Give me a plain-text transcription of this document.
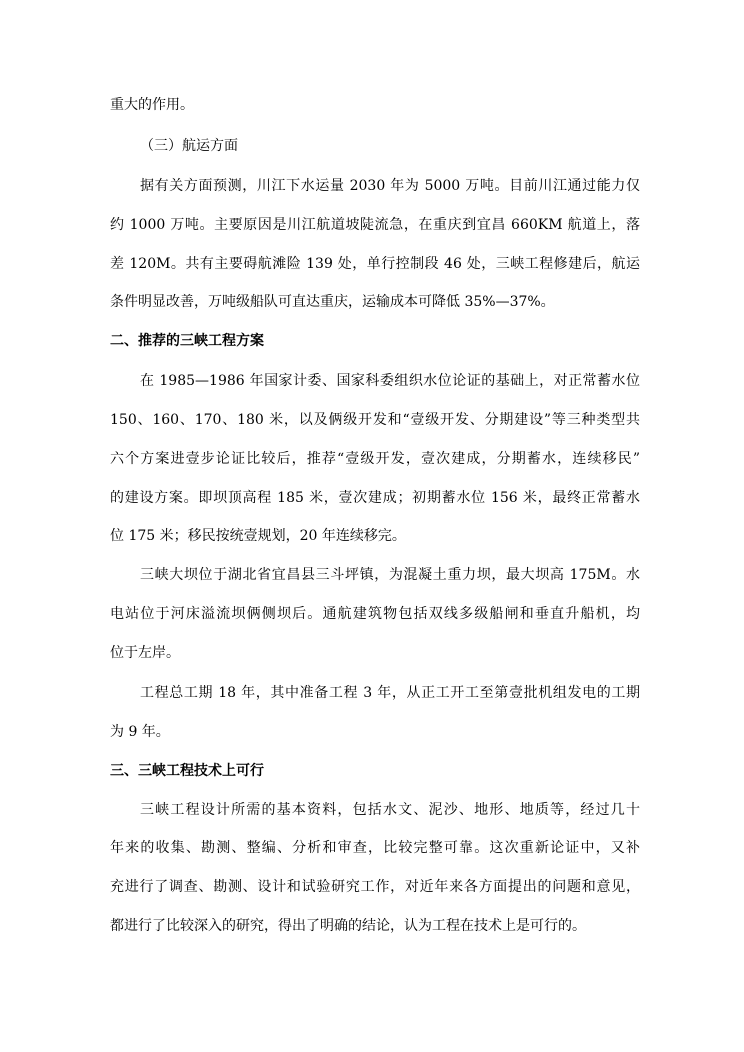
重大的作用。
（三）航运方面
据有关方面预测，川江下水运量 2030 年为 5000 万吨。目前川江通过能力仅
约 1000 万吨。主要原因是川江航道坡陡流急，在重庆到宜昌 660KM 航道上，落
差 120M。共有主要碍航滩险 139 处，单行控制段 46 处，三峡工程修建后，航运
条件明显改善，万吨级船队可直达重庆，运输成本可降低 35%—37%。
二、推荐的三峡工程方案
在 1985—1986 年国家计委、国家科委组织水位论证的基础上，对正常蓄水位
150、160、170、180 米，以及俩级开发和“壹级开发、分期建设”等三种类型共
六个方案进壹步论证比较后，推荐“壹级开发，壹次建成，分期蓄水，连续移民”
的建设方案。即坝顶高程 185 米，壹次建成；初期蓄水位 156 米，最终正常蓄水
位 175 米；移民按统壹规划，20 年连续移完。
三峡大坝位于湖北省宜昌县三斗坪镇，为混凝土重力坝，最大坝高 175M。水
电站位于河床溢流坝俩侧坝后。通航建筑物包括双线多级船闸和垂直升船机，均
位于左岸。
工程总工期 18 年，其中准备工程 3 年，从正工开工至第壹批机组发电的工期
为 9 年。
三、三峡工程技术上可行
三峡工程设计所需的基本资料，包括水文、泥沙、地形、地质等，经过几十
年来的收集、勘测、整编、分析和审查，比较完整可靠。这次重新论证中，又补
充进行了调查、勘测、设计和试验研究工作，对近年来各方面提出的问题和意见，
都进行了比较深入的研究，得出了明确的结论，认为工程在技术上是可行的。
